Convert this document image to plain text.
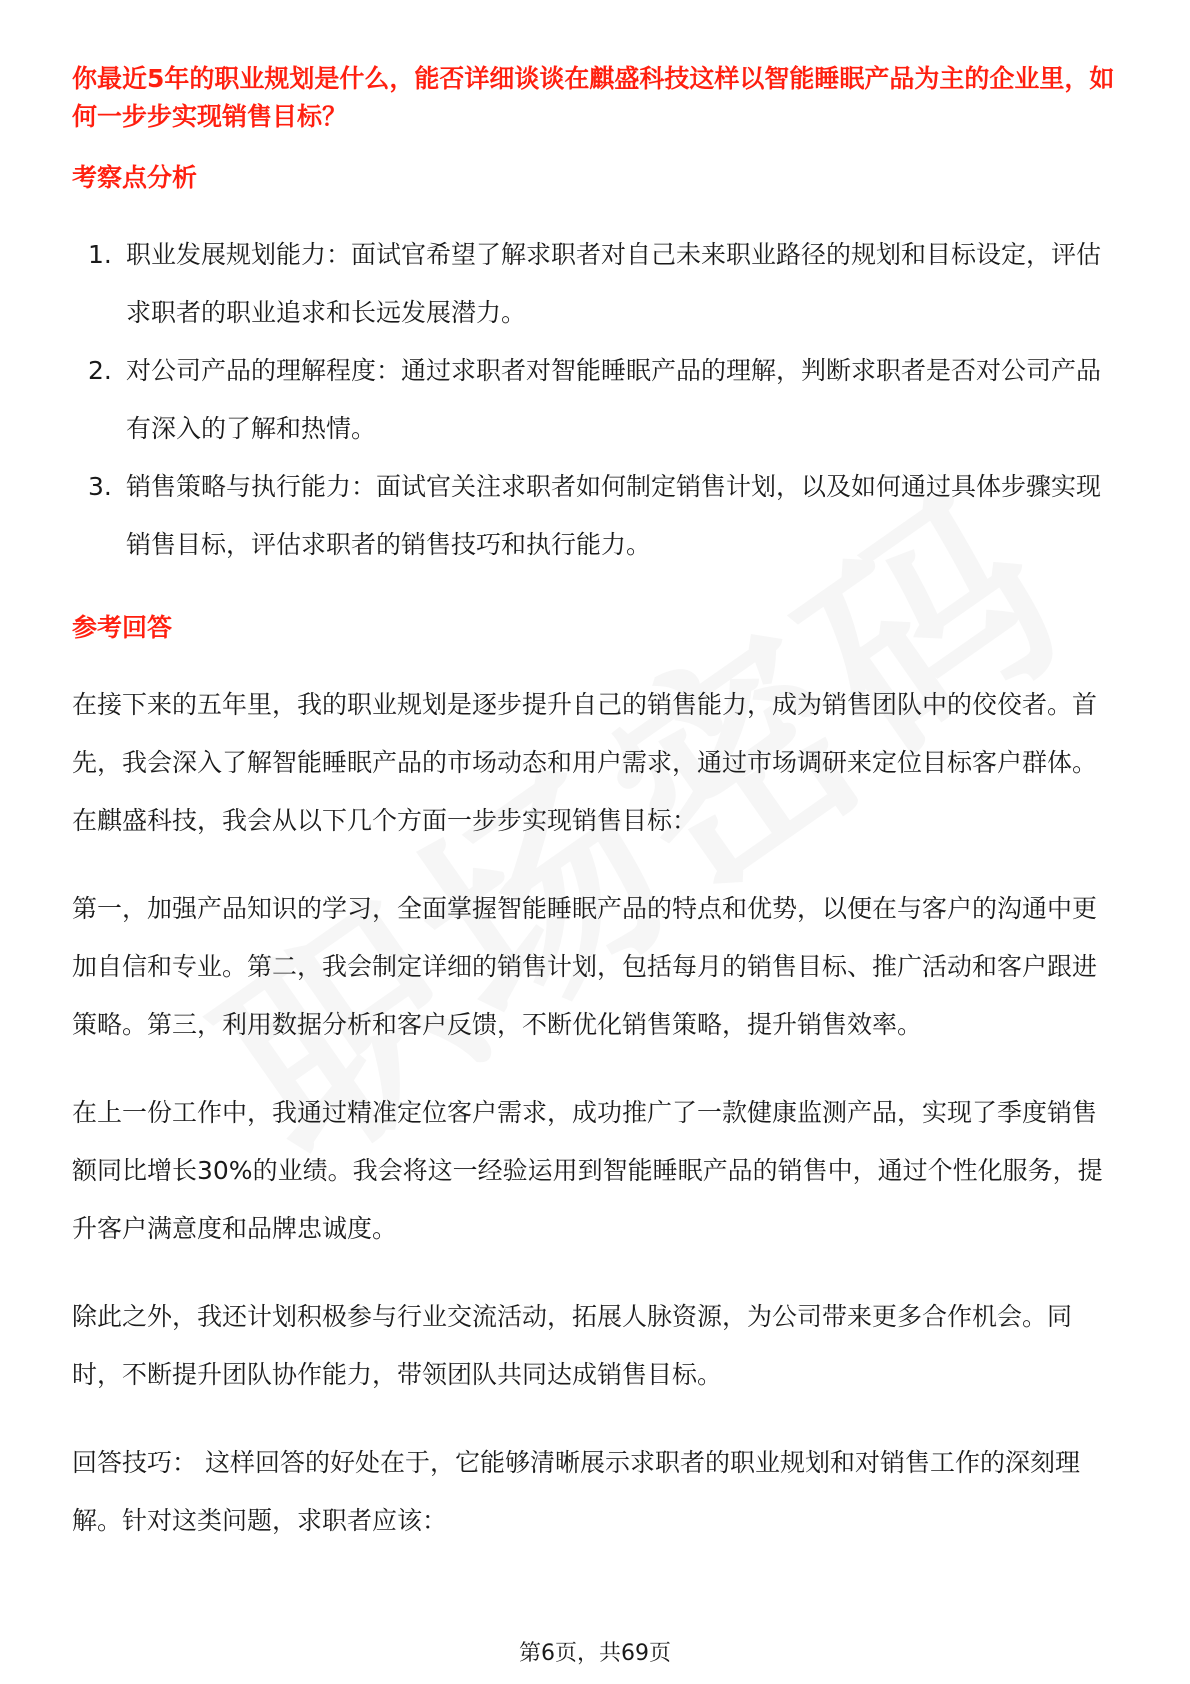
你最近5年的职业规划是什么，能否详细谈谈在麒盛科技这样以智能睡眠产品为主的企业里，如何一步步实现销售目标？
考察点分析
1. 职业发展规划能力：面试官希望了解求职者对自己未来职业路径的规划和目标设定，评估求职者的职业追求和长远发展潜力。
2. 对公司产品的理解程度：通过求职者对智能睡眠产品的理解，判断求职者是否对公司产品有深入的了解和热情。
3. 销售策略与执行能力：面试官关注求职者如何制定销售计划，以及如何通过具体步骤实现销售目标，评估求职者的销售技巧和执行能力。
参考回答

在接下来的五年里，我的职业规划是逐步提升自己的销售能力，成为销售团队中的佼佼者。首先，我会深入了解智能睡眠产品的市场动态和用户需求，通过市场调研来定位目标客户群体。在麒盛科技，我会从以下几个方面一步步实现销售目标：

第一，加强产品知识的学习，全面掌握智能睡眠产品的特点和优势，以便在与客户的沟通中更加自信和专业。第二，我会制定详细的销售计划，包括每月的销售目标、推广活动和客户跟进策略。第三，利用数据分析和客户反馈，不断优化销售策略，提升销售效率。

在上一份工作中，我通过精准定位客户需求，成功推广了一款健康监测产品，实现了季度销售额同比增长30%的业绩。我会将这一经验运用到智能睡眠产品的销售中，通过个性化服务，提升客户满意度和品牌忠诚度。

除此之外，我还计划积极参与行业交流活动，拓展人脉资源，为公司带来更多合作机会。同时，不断提升团队协作能力，带领团队共同达成销售目标。

回答技巧： 这样回答的好处在于，它能够清晰展示求职者的职业规划和对销售工作的深刻理解。针对这类问题，求职者应该：

第6页，共69页
